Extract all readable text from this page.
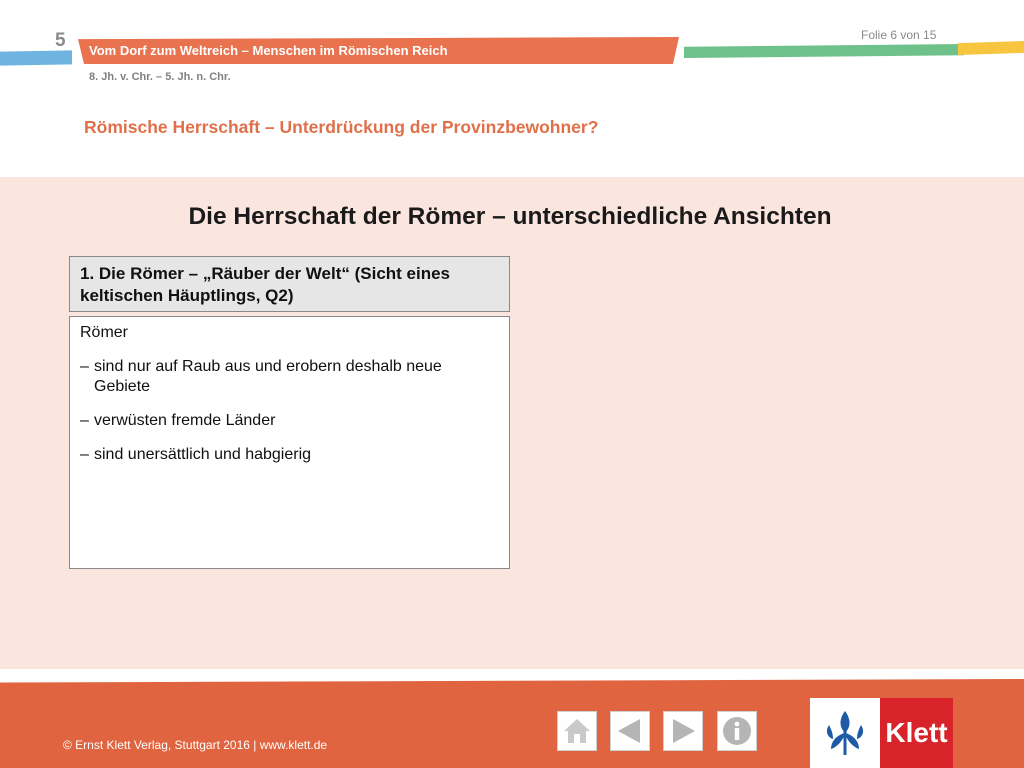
5 Vom Dorf zum Weltreich – Menschen im Römischen Reich
Folie 6 von 15
8. Jh. v. Chr. – 5. Jh. n. Chr.
Römische Herrschaft – Unterdrückung der Provinzbewohner?
Die Herrschaft der Römer – unterschiedliche Ansichten
1. Die Römer – „Räuber der Welt“ (Sicht eines keltischen Häuptlings, Q2)
Römer
– sind nur auf Raub aus und erobern deshalb neue Gebiete
– verwüsten fremde Länder
– sind unersättlich und habgierig
© Ernst Klett Verlag, Stuttgart 2016 | www.klett.de	Klett
